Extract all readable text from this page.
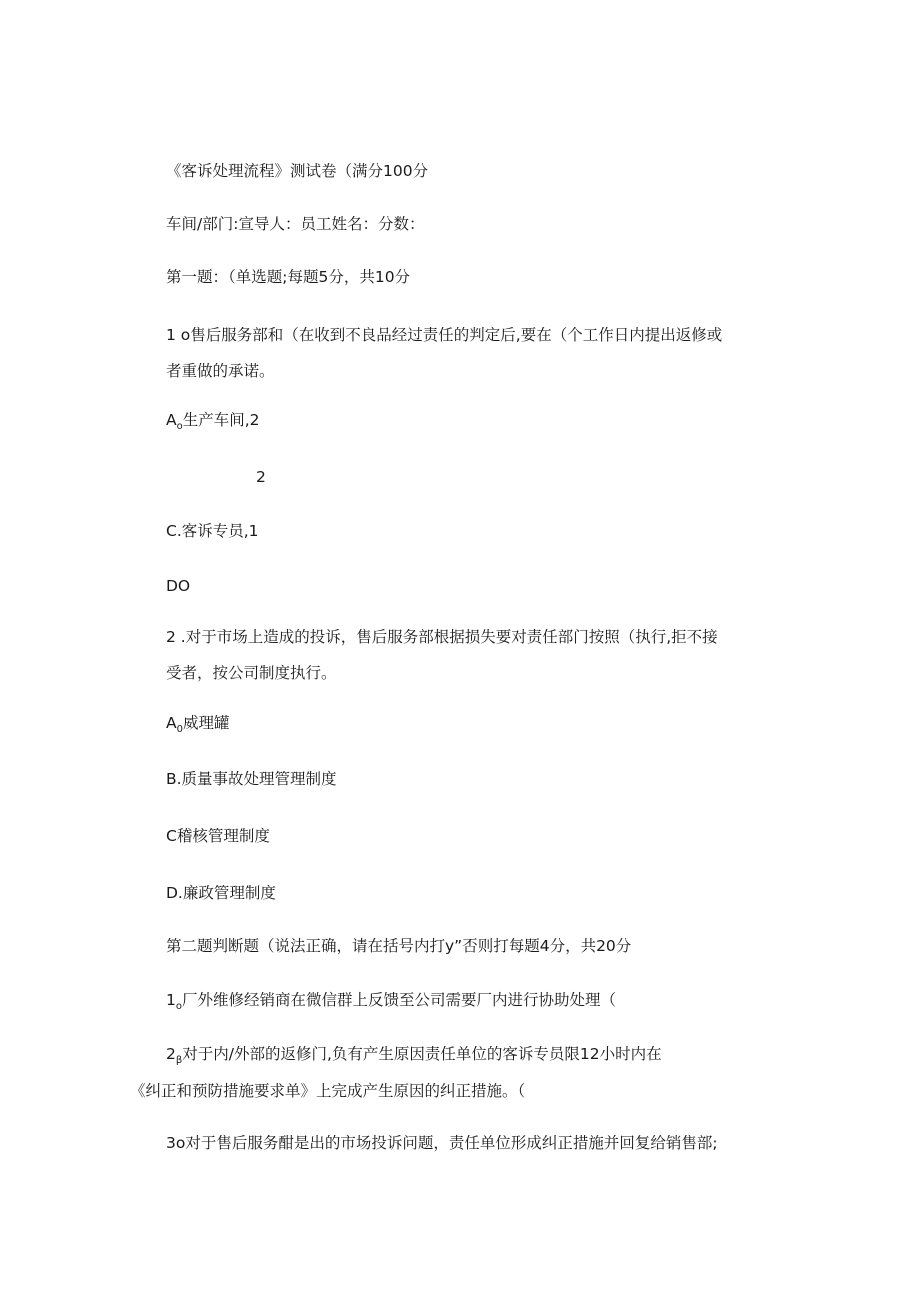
《客诉处理流程》测试卷（满分100分
车间/部门:宣导人：员工姓名：分数：
第一题：（单选题;每题5分，共10分
1 o售后服务部和（在收到不良品经过责任的判定后,要在（个工作日内提出返修或
者重做的承诺。
$A_o$生产车间,2
2
C.客诉专员,1
DO
2 .对于市场上造成的投诉，售后服务部根据损失要对责任部门按照（执行,拒不接
受者，按公司制度执行。
$A_0$威理罐
B.质量事故处理管理制度
C稽核管理制度
D.廉政管理制度
第二题判断题（说法正确，请在括号内打y”否则打每题4分，共20分
$1_o$厂外维修经销商在微信群上反馈至公司需要厂内进行协助处理（
$2_\beta$对于内/外部的返修门,负有产生原因责任单位的客诉专员限12小时内在
《纠正和预防措施要求单》上完成产生原因的纠正措施。（
3o对于售后服务酣是出的市场投诉问题，责任单位形成纠正措施并回复给销售部;
